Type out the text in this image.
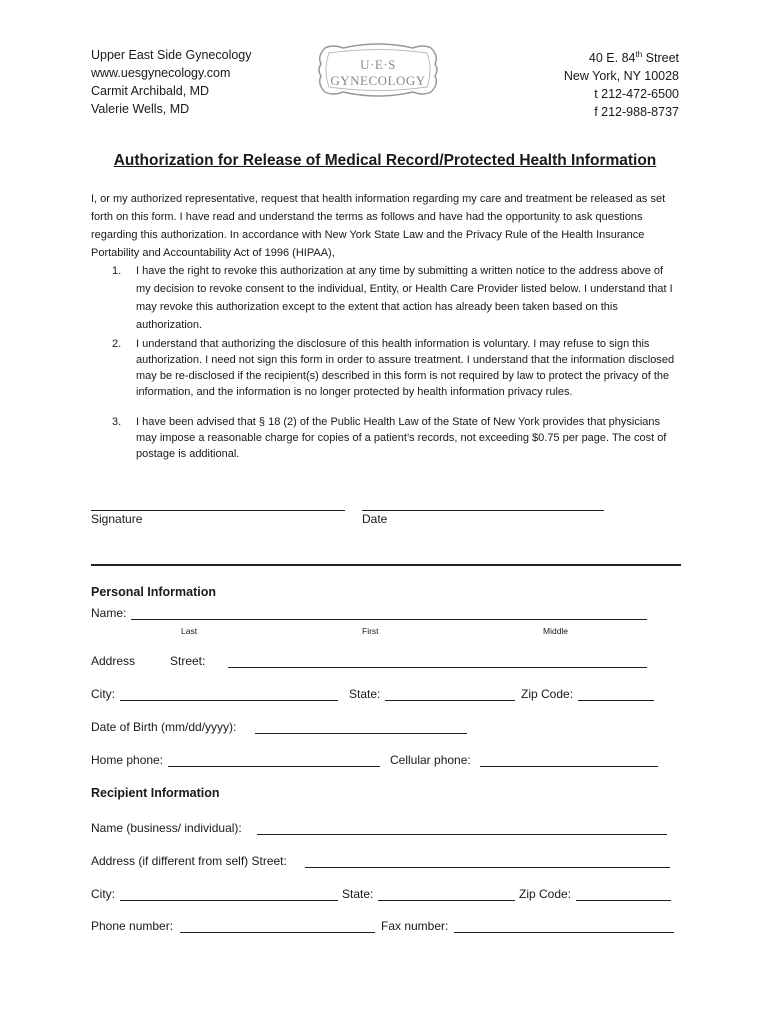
Upper East Side Gynecology
www.uesgynecology.com
Carmit Archibald, MD
Valerie Wells, MD
U·E·S GYNECOLOGY
40 E. 84th Street
New York, NY 10028
t 212-472-6500
f 212-988-8737
Authorization for Release of Medical Record/Protected Health Information
I, or my authorized representative, request that health information regarding my care and treatment be released as set forth on this form. I have read and understand the terms as follows and have had the opportunity to ask questions regarding this authorization. In accordance with New York State Law and the Privacy Rule of the Health Insurance Portability and Accountability Act of 1996 (HIPAA),
1. I have the right to revoke this authorization at any time by submitting a written notice to the address above of my decision to revoke consent to the individual, Entity, or Health Care Provider listed below. I understand that I may revoke this authorization except to the extent that action has already been taken based on this authorization.
2. I understand that authorizing the disclosure of this health information is voluntary. I may refuse to sign this authorization. I need not sign this form in order to assure treatment. I understand that the information disclosed may be re-disclosed if the recipient(s) described in this form is not required by law to protect the privacy of the information, and the information is no longer protected by health information privacy rules.
3. I have been advised that § 18 (2) of the Public Health Law of the State of New York provides that physicians may impose a reasonable charge for copies of a patient’s records, not exceeding $0.75 per page. The cost of postage is additional.
Signature	Date
Personal Information
Name:
Last	First	Middle
Address	Street:
City:	State:	Zip Code:
Date of Birth (mm/dd/yyyy):
Home phone:	Cellular phone:
Recipient Information
Name (business/ individual):
Address (if different from self) Street:
City:	State:	Zip Code:
Phone number:	Fax number:
